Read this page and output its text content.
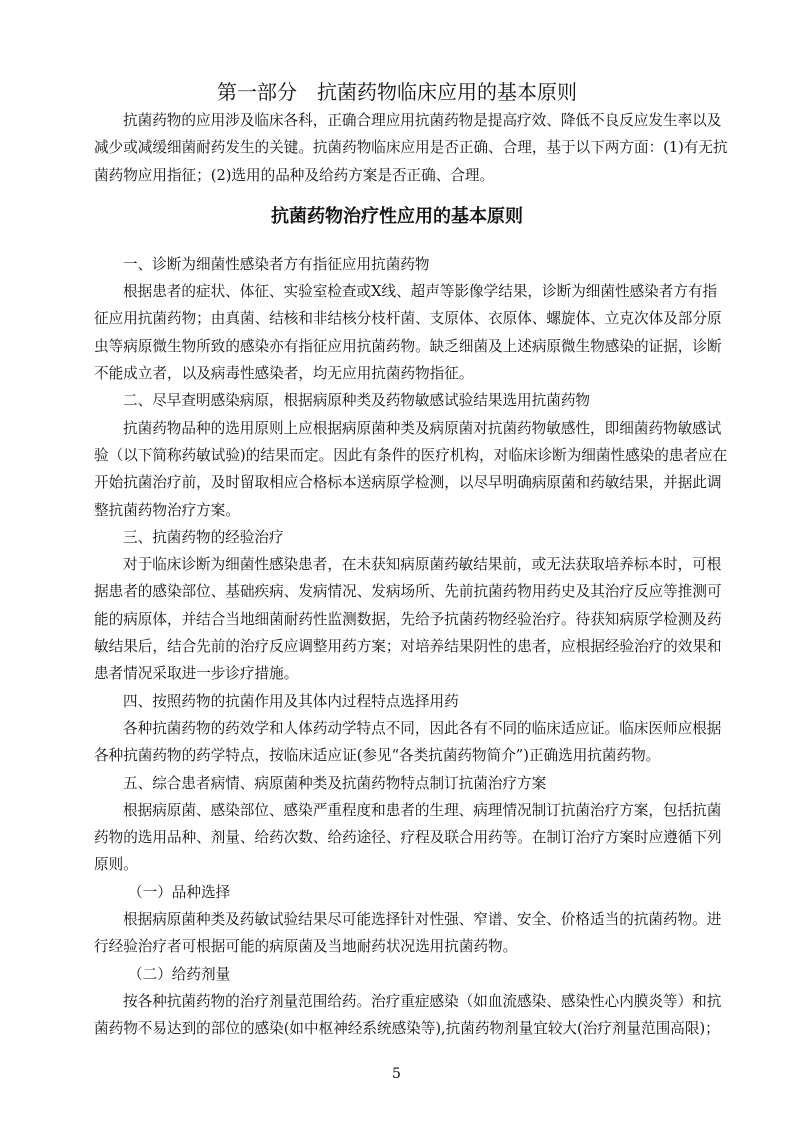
第一部分　抗菌药物临床应用的基本原则
抗菌药物的应用涉及临床各科，正确合理应用抗菌药物是提高疗效、降低不良反应发生率以及
减少或减缓细菌耐药发生的关键。抗菌药物临床应用是否正确、合理，基于以下两方面：(1)有无抗
菌药物应用指征；(2)选用的品种及给药方案是否正确、合理。
抗菌药物治疗性应用的基本原则
一、诊断为细菌性感染者方有指征应用抗菌药物
根据患者的症状、体征、实验室检查或X线、超声等影像学结果，诊断为细菌性感染者方有指
征应用抗菌药物；由真菌、结核和非结核分枝杆菌、支原体、衣原体、螺旋体、立克次体及部分原
虫等病原微生物所致的感染亦有指征应用抗菌药物。缺乏细菌及上述病原微生物感染的证据，诊断
不能成立者，以及病毒性感染者，均无应用抗菌药物指征。
二、尽早查明感染病原，根据病原种类及药物敏感试验结果选用抗菌药物
抗菌药物品种的选用原则上应根据病原菌种类及病原菌对抗菌药物敏感性，即细菌药物敏感试
验（以下简称药敏试验)的结果而定。因此有条件的医疗机构，对临床诊断为细菌性感染的患者应在
开始抗菌治疗前，及时留取相应合格标本送病原学检测，以尽早明确病原菌和药敏结果，并据此调
整抗菌药物治疗方案。
三、抗菌药物的经验治疗
对于临床诊断为细菌性感染患者，在未获知病原菌药敏结果前，或无法获取培养标本时，可根
据患者的感染部位、基础疾病、发病情况、发病场所、先前抗菌药物用药史及其治疗反应等推测可
能的病原体，并结合当地细菌耐药性监测数据，先给予抗菌药物经验治疗。待获知病原学检测及药
敏结果后，结合先前的治疗反应调整用药方案；对培养结果阴性的患者，应根据经验治疗的效果和
患者情况采取进一步诊疗措施。
四、按照药物的抗菌作用及其体内过程特点选择用药
各种抗菌药物的药效学和人体药动学特点不同，因此各有不同的临床适应证。临床医师应根据
各种抗菌药物的药学特点，按临床适应证(参见“各类抗菌药物简介”)正确选用抗菌药物。
五、综合患者病情、病原菌种类及抗菌药物特点制订抗菌治疗方案
根据病原菌、感染部位、感染严重程度和患者的生理、病理情况制订抗菌治疗方案，包括抗菌
药物的选用品种、剂量、给药次数、给药途径、疗程及联合用药等。在制订治疗方案时应遵循下列
原则。
（一）品种选择
根据病原菌种类及药敏试验结果尽可能选择针对性强、窄谱、安全、价格适当的抗菌药物。进
行经验治疗者可根据可能的病原菌及当地耐药状况选用抗菌药物。
（二）给药剂量
按各种抗菌药物的治疗剂量范围给药。治疗重症感染（如血流感染、感染性心内膜炎等）和抗
菌药物不易达到的部位的感染(如中枢神经系统感染等),抗菌药物剂量宜较大(治疗剂量范围高限)；
5
